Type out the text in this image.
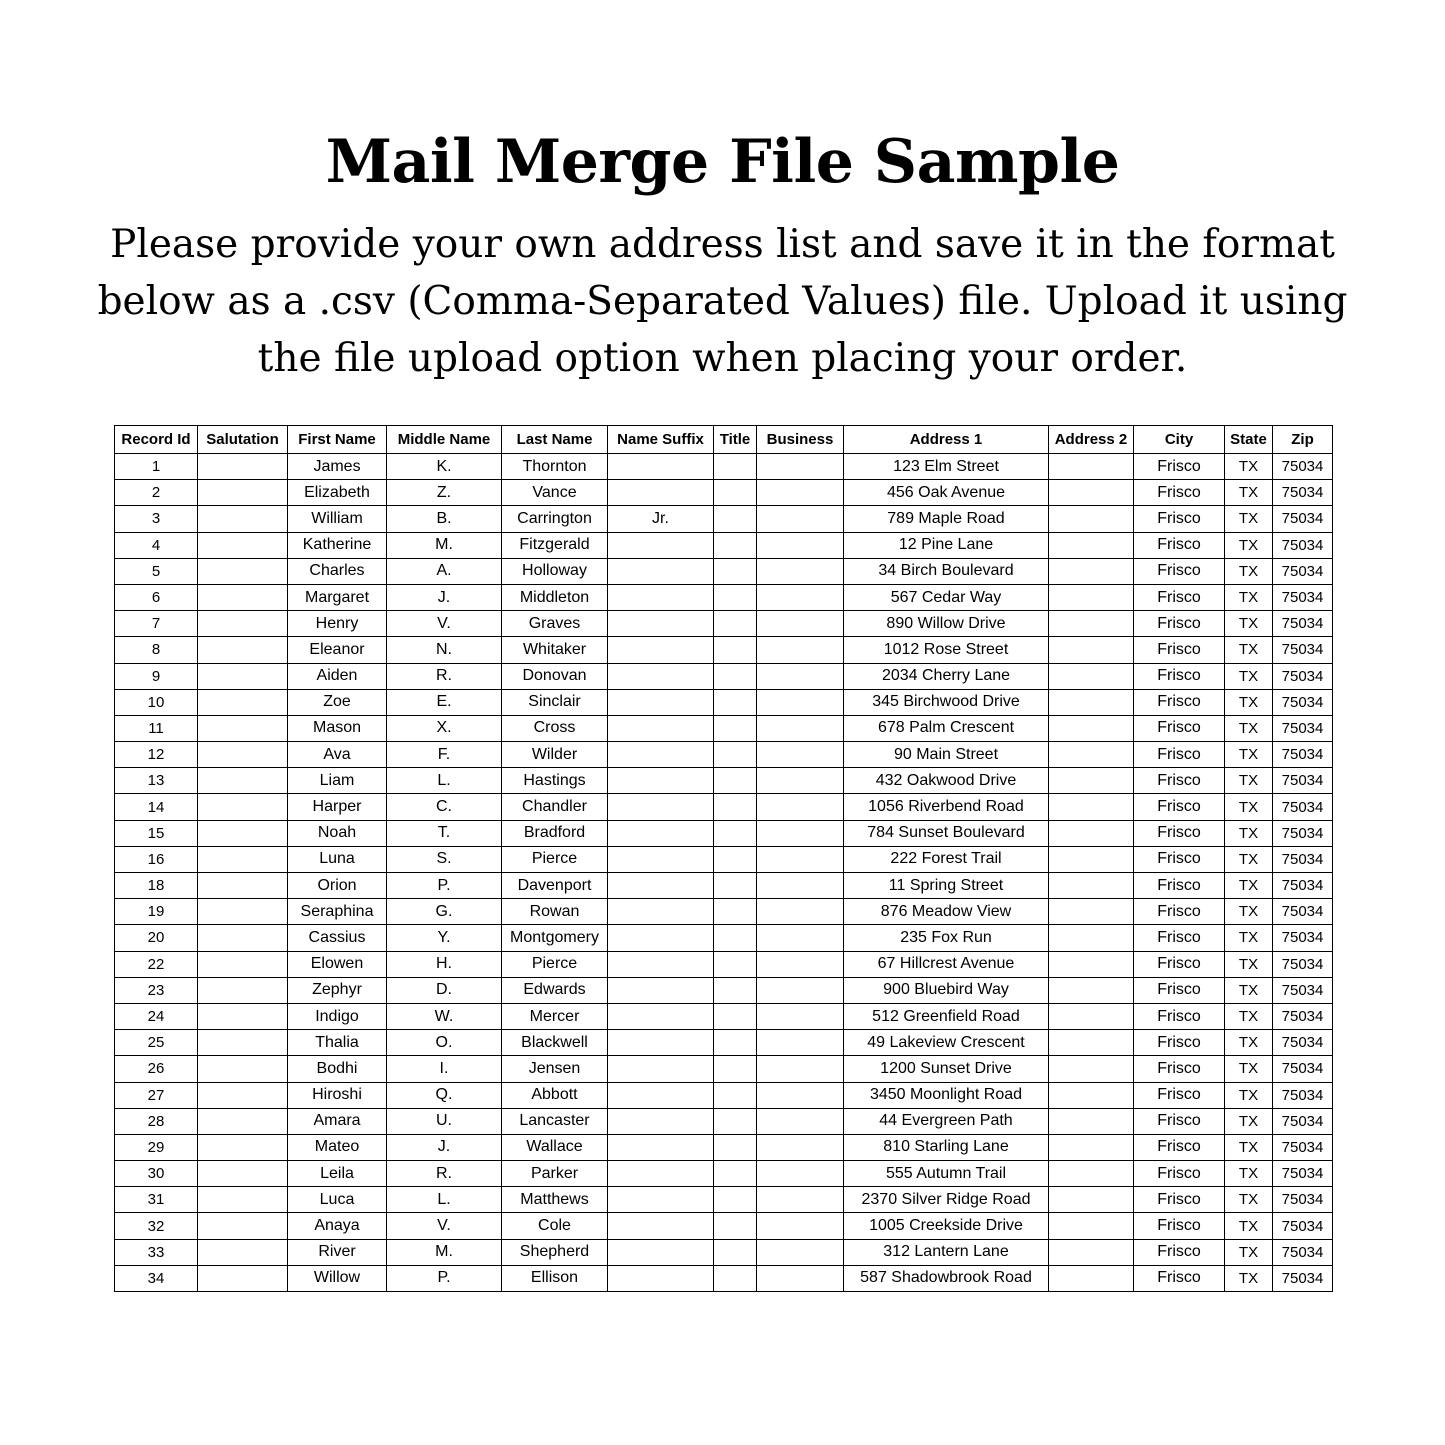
Mail Merge File Sample
Please provide your own address list and save it in the format below as a .csv (Comma-Separated Values) file. Upload it using the file upload option when placing your order.
Record Id	Salutation	First Name	Middle Name	Last Name	Name Suffix	Title	Business	Address 1	Address 2	City	State	Zip
1		James	K.	Thornton				123 Elm Street		Frisco	TX	75034
2		Elizabeth	Z.	Vance				456 Oak Avenue		Frisco	TX	75034
3		William	B.	Carrington	Jr.			789 Maple Road		Frisco	TX	75034
4		Katherine	M.	Fitzgerald				12 Pine Lane		Frisco	TX	75034
5		Charles	A.	Holloway				34 Birch Boulevard		Frisco	TX	75034
6		Margaret	J.	Middleton				567 Cedar Way		Frisco	TX	75034
7		Henry	V.	Graves				890 Willow Drive		Frisco	TX	75034
8		Eleanor	N.	Whitaker				1012 Rose Street		Frisco	TX	75034
9		Aiden	R.	Donovan				2034 Cherry Lane		Frisco	TX	75034
10		Zoe	E.	Sinclair				345 Birchwood Drive		Frisco	TX	75034
11		Mason	X.	Cross				678 Palm Crescent		Frisco	TX	75034
12		Ava	F.	Wilder				90 Main Street		Frisco	TX	75034
13		Liam	L.	Hastings				432 Oakwood Drive		Frisco	TX	75034
14		Harper	C.	Chandler				1056 Riverbend Road		Frisco	TX	75034
15		Noah	T.	Bradford				784 Sunset Boulevard		Frisco	TX	75034
16		Luna	S.	Pierce				222 Forest Trail		Frisco	TX	75034
18		Orion	P.	Davenport				11 Spring Street		Frisco	TX	75034
19		Seraphina	G.	Rowan				876 Meadow View		Frisco	TX	75034
20		Cassius	Y.	Montgomery				235 Fox Run		Frisco	TX	75034
22		Elowen	H.	Pierce				67 Hillcrest Avenue		Frisco	TX	75034
23		Zephyr	D.	Edwards				900 Bluebird Way		Frisco	TX	75034
24		Indigo	W.	Mercer				512 Greenfield Road		Frisco	TX	75034
25		Thalia	O.	Blackwell				49 Lakeview Crescent		Frisco	TX	75034
26		Bodhi	I.	Jensen				1200 Sunset Drive		Frisco	TX	75034
27		Hiroshi	Q.	Abbott				3450 Moonlight Road		Frisco	TX	75034
28		Amara	U.	Lancaster				44 Evergreen Path		Frisco	TX	75034
29		Mateo	J.	Wallace				810 Starling Lane		Frisco	TX	75034
30		Leila	R.	Parker				555 Autumn Trail		Frisco	TX	75034
31		Luca	L.	Matthews				2370 Silver Ridge Road		Frisco	TX	75034
32		Anaya	V.	Cole				1005 Creekside Drive		Frisco	TX	75034
33		River	M.	Shepherd				312 Lantern Lane		Frisco	TX	75034
34		Willow	P.	Ellison				587 Shadowbrook Road		Frisco	TX	75034
